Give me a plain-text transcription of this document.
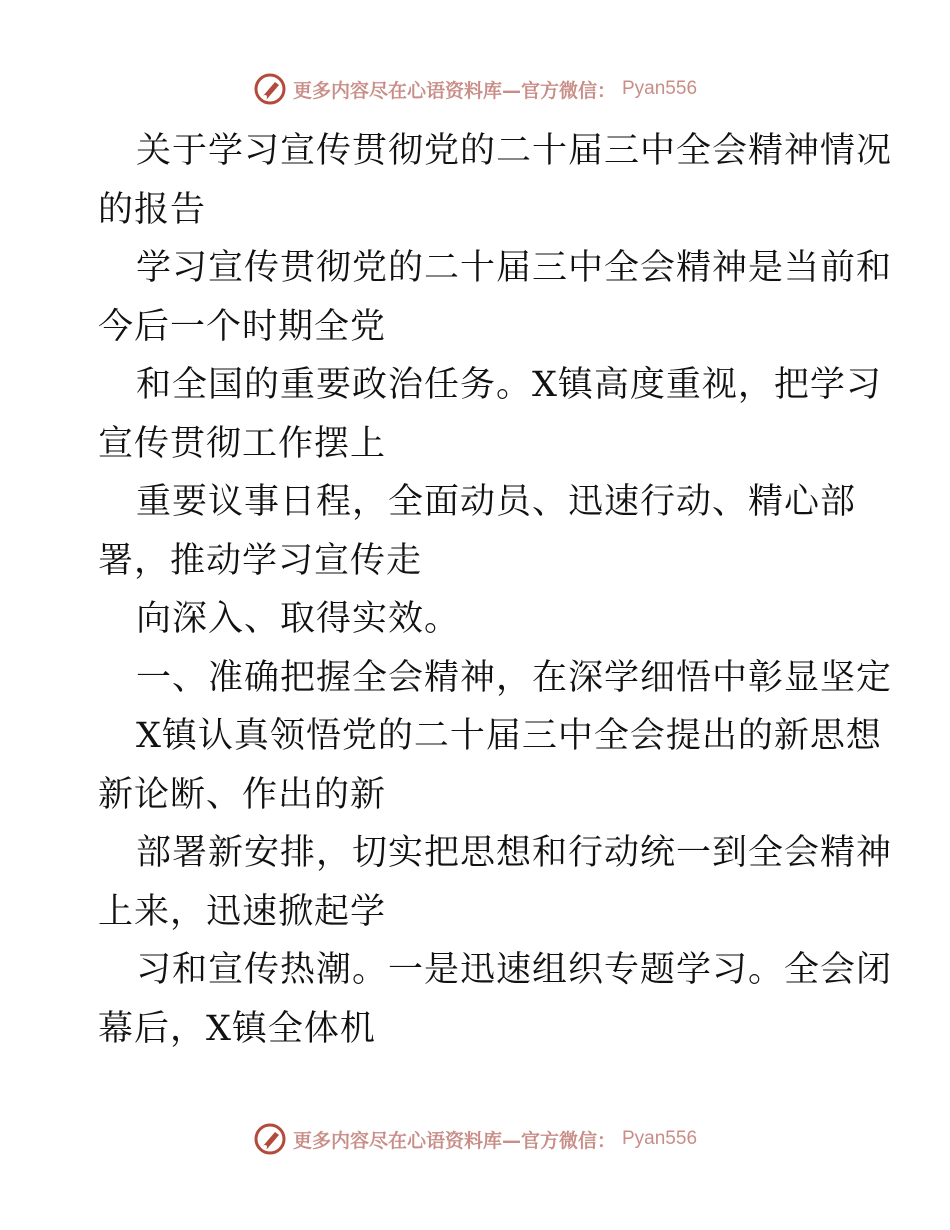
更多内容尽在心语资料库—官方微信： Pyan556
关于学习宣传贯彻党的二十届三中全会精神情况
的报告
学习宣传贯彻党的二十届三中全会精神是当前和
今后一个时期全党
和全国的重要政治任务。X镇高度重视，把学习
宣传贯彻工作摆上
重要议事日程，全面动员、迅速行动、精心部
署，推动学习宣传走
向深入、取得实效。
一、准确把握全会精神，在深学细悟中彰显坚定
X镇认真领悟党的二十届三中全会提出的新思想
新论断、作出的新
部署新安排，切实把思想和行动统一到全会精神
上来，迅速掀起学
习和宣传热潮。一是迅速组织专题学习。全会闭
幕后，X镇全体机
更多内容尽在心语资料库—官方微信： Pyan556
